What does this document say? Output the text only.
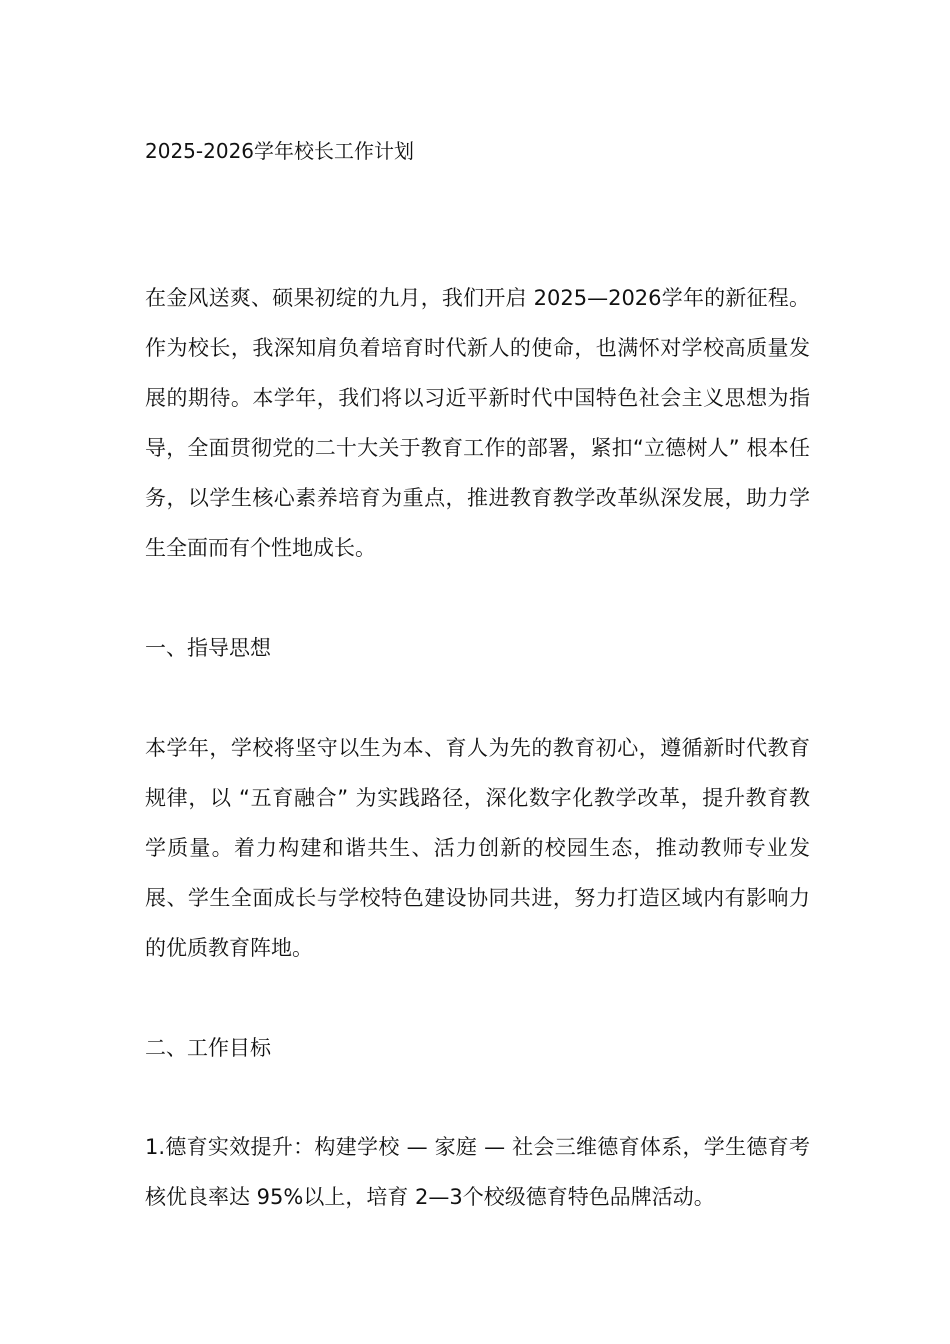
2025-2026学年校长工作计划

在金风送爽、硕果初绽的九月，我们开启 2025—2026学年的新征程。作为校长，我深知肩负着培育时代新人的使命，也满怀对学校高质量发展的期待。本学年，我们将以习近平新时代中国特色社会主义思想为指导，全面贯彻党的二十大关于教育工作的部署，紧扣“立德树人” 根本任务，以学生核心素养培育为重点，推进教育教学改革纵深发展，助力学生全面而有个性地成长。

一、指导思想

本学年，学校将坚守以生为本、育人为先的教育初心，遵循新时代教育规律，以 “五育融合” 为实践路径，深化数字化教学改革，提升教育教学质量。着力构建和谐共生、活力创新的校园生态，推动教师专业发展、学生全面成长与学校特色建设协同共进，努力打造区域内有影响力的优质教育阵地。

二、工作目标

1.德育实效提升：构建学校 — 家庭 — 社会三维德育体系，学生德育考核优良率达 95%以上，培育 2—3个校级德育特色品牌活动。
